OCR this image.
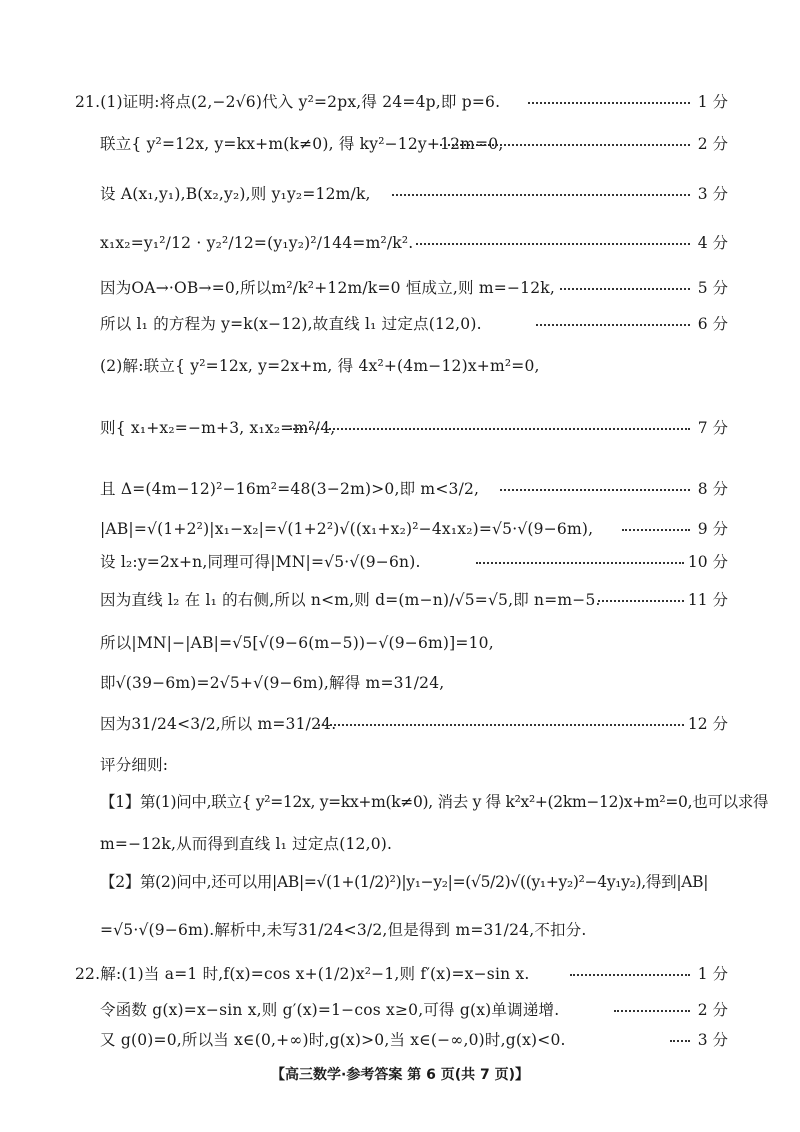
21.(1)证明:将点(2,−2√6)代入 y²=2px,得 24=4p,即 p=6.	1 分
联立{ y²=12x, y=kx+m(k≠0), 得 ky²−12y+12m=0,	2 分
设 A(x₁,y₁),B(x₂,y₂),则 y₁y₂=12m/k,	3 分
x₁x₂=y₁²/12 · y₂²/12=(y₁y₂)²/144=m²/k².	4 分
因为OA→·OB→=0,所以m²/k²+12m/k=0 恒成立,则 m=−12k,	5 分
所以 l₁ 的方程为 y=k(x−12),故直线 l₁ 过定点(12,0).	6 分
(2)解:联立{ y²=12x, y=2x+m, 得 4x²+(4m−12)x+m²=0,
则{ x₁+x₂=−m+3, x₁x₂=m²/4,	7 分
且 Δ=(4m−12)²−16m²=48(3−2m)>0,即 m<3/2,	8 分
|AB|=√(1+2²)|x₁−x₂|=√(1+2²)√((x₁+x₂)²−4x₁x₂)=√5·√(9−6m),	9 分
设 l₂:y=2x+n,同理可得|MN|=√5·√(9−6n).	10 分
因为直线 l₂ 在 l₁ 的右侧,所以 n<m,则 d=(m−n)/√5=√5,即 n=m−5.	11 分
所以|MN|−|AB|=√5[√(9−6(m−5))−√(9−6m)]=10,
即√(39−6m)=2√5+√(9−6m),解得 m=31/24,
因为31/24<3/2,所以 m=31/24.	12 分
评分细则:
【1】第(1)问中,联立{ y²=12x, y=kx+m(k≠0), 消去 y 得 k²x²+(2km−12)x+m²=0,也可以求得
m=−12k,从而得到直线 l₁ 过定点(12,0).
【2】第(2)问中,还可以用|AB|=√(1+(1/2)²)|y₁−y₂|=(√5/2)√((y₁+y₂)²−4y₁y₂),得到|AB|
=√5·√(9−6m).解析中,未写31/24<3/2,但是得到 m=31/24,不扣分.
22.解:(1)当 a=1 时,f(x)=cos x+(1/2)x²−1,则 f′(x)=x−sin x.	1 分
令函数 g(x)=x−sin x,则 g′(x)=1−cos x≥0,可得 g(x)单调递增.	2 分
又 g(0)=0,所以当 x∈(0,+∞)时,g(x)>0,当 x∈(−∞,0)时,g(x)<0.	3 分
【高三数学·参考答案 第 6 页(共 7 页)】
